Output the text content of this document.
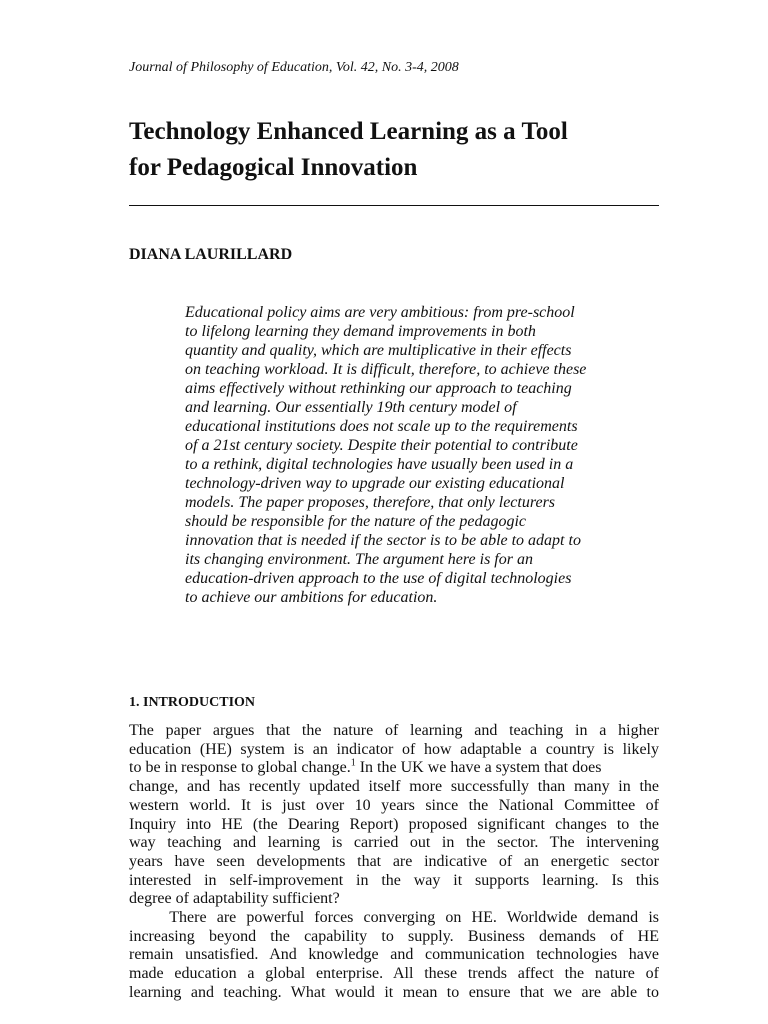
Journal of Philosophy of Education, Vol. 42, No. 3-4, 2008
Technology Enhanced Learning as a Tool
for Pedagogical Innovation
DIANA LAURILLARD

Educational policy aims are very ambitious: from pre-school
to lifelong learning they demand improvements in both
quantity and quality, which are multiplicative in their effects
on teaching workload. It is difficult, therefore, to achieve these
aims effectively without rethinking our approach to teaching
and learning. Our essentially 19th century model of
educational institutions does not scale up to the requirements
of a 21st century society. Despite their potential to contribute
to a rethink, digital technologies have usually been used in a
technology-driven way to upgrade our existing educational
models. The paper proposes, therefore, that only lecturers
should be responsible for the nature of the pedagogic
innovation that is needed if the sector is to be able to adapt to
its changing environment. The argument here is for an
education-driven approach to the use of digital technologies
to achieve our ambitions for education.

1. INTRODUCTION

The paper argues that the nature of learning and teaching in a higher
education (HE) system is an indicator of how adaptable a country is likely
to be in response to global change.$^1$ In the UK we have a system that does
change, and has recently updated itself more successfully than many in the
western world. It is just over 10 years since the National Committee of
Inquiry into HE (the Dearing Report) proposed significant changes to the
way teaching and learning is carried out in the sector. The intervening
years have seen developments that are indicative of an energetic sector
interested in self-improvement in the way it supports learning. Is this
degree of adaptability sufficient?
There are powerful forces converging on HE. Worldwide demand is
increasing beyond the capability to supply. Business demands of HE
remain unsatisfied. And knowledge and communication technologies have
made education a global enterprise. All these trends affect the nature of
learning and teaching. What would it mean to ensure that we are able to
